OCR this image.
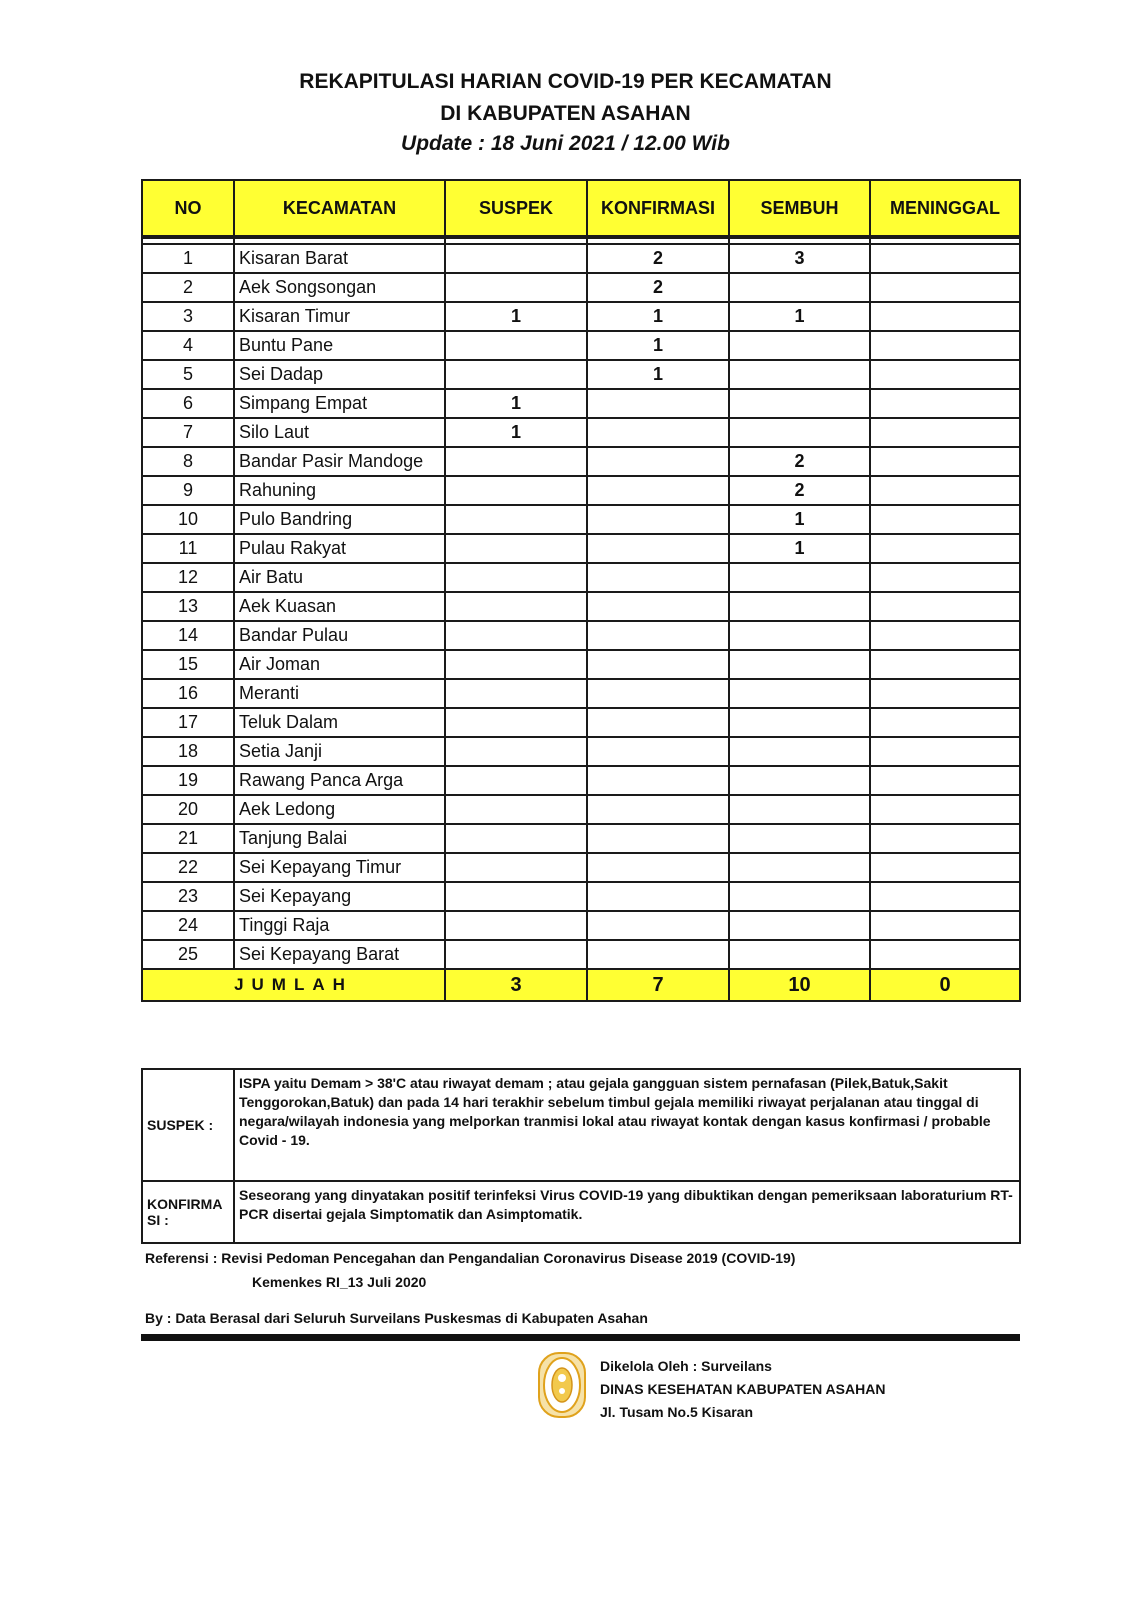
REKAPITULASI HARIAN COVID-19 PER KECAMATAN
DI KABUPATEN ASAHAN
Update : 18 Juni 2021 / 12.00 Wib
NO	KECAMATAN	SUSPEK	KONFIRMASI	SEMBUH	MENINGGAL

1	Kisaran Barat		2	3	
2	Aek Songsongan		2		
3	Kisaran Timur	1	1	1	
4	Buntu Pane		1		
5	Sei Dadap		1		
6	Simpang Empat	1			
7	Silo Laut	1			
8	Bandar Pasir Mandoge			2	
9	Rahuning			2	
10	Pulo Bandring			1	
11	Pulau Rakyat			1	
12	Air Batu				
13	Aek Kuasan				
14	Bandar Pulau				
15	Air Joman				
16	Meranti				
17	Teluk Dalam				
18	Setia Janji				
19	Rawang Panca Arga				
20	Aek Ledong				
21	Tanjung Balai				
22	Sei Kepayang Timur				
23	Sei Kepayang				
24	Tinggi Raja				
25	Sei Kepayang Barat				
JUMLAH		3	7	10	0
SUSPEK :	ISPA yaitu Demam > 38'C atau riwayat demam ; atau gejala gangguan sistem pernafasan (Pilek,Batuk,Sakit Tenggorokan,Batuk) dan pada 14 hari terakhir sebelum timbul gejala memiliki riwayat perjalanan atau tinggal di negara/wilayah indonesia yang melporkan tranmisi lokal atau riwayat kontak dengan kasus konfirmasi / probable Covid - 19.

KONFIRMA
SI :	Seseorang yang dinyatakan positif terinfeksi Virus COVID-19 yang dibuktikan dengan pemeriksaan laboraturium RT-PCR disertai gejala Simptomatik dan Asimptomatik.
Referensi : Revisi Pedoman Pencegahan dan Pengandalian Coronavirus Disease 2019 (COVID-19)
Kemenkes RI_13 Juli 2020
By : Data Berasal dari Seluruh Surveilans Puskesmas di Kabupaten Asahan
Dikelola Oleh : Surveilans
DINAS KESEHATAN KABUPATEN ASAHAN
Jl. Tusam No.5 Kisaran
